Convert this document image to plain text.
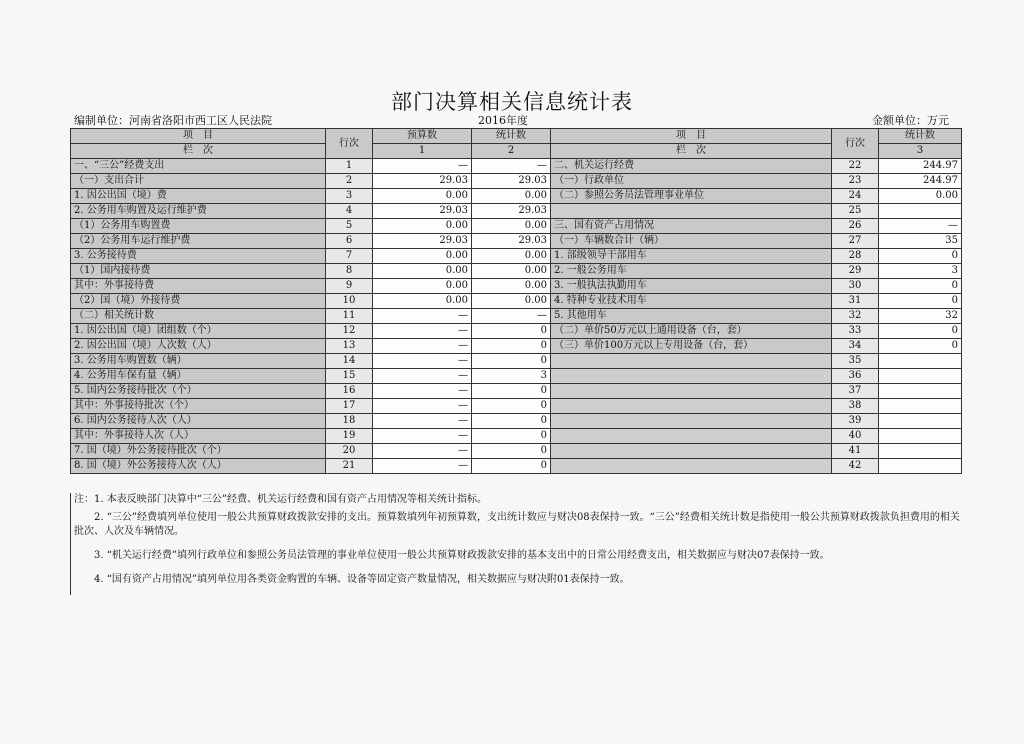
部门决算相关信息统计表
编制单位：河南省洛阳市西工区人民法院	2016年度	金额单位：万元
项　目	行次	预算数	统计数	项　目	行次	统计数
栏　次		1	2	栏　次		3
一、“三公”经费支出	1	—	—	二、机关运行经费	22	244.97
（一）支出合计	2	29.03	29.03	（一）行政单位	23	244.97
1. 因公出国（境）费	3	0.00	0.00	（二）参照公务员法管理事业单位	24	0.00
2. 公务用车购置及运行维护费	4	29.03	29.03		25	
（1）公务用车购置费	5	0.00	0.00	三、国有资产占用情况	26	—
（2）公务用车运行维护费	6	29.03	29.03	（一）车辆数合计（辆）	27	35
3. 公务接待费	7	0.00	0.00	1. 部级领导干部用车	28	0
（1）国内接待费	8	0.00	0.00	2. 一般公务用车	29	3
其中：外事接待费	9	0.00	0.00	3. 一般执法执勤用车	30	0
（2）国（境）外接待费	10	0.00	0.00	4. 特种专业技术用车	31	0
（二）相关统计数	11	—	—	5. 其他用车	32	32
1. 因公出国（境）团组数（个）	12	—	0	（二）单价50万元以上通用设备（台，套）	33	0
2. 因公出国（境）人次数（人）	13	—	0	（三）单价100万元以上专用设备（台，套）	34	0
3. 公务用车购置数（辆）	14	—	0		35	
4. 公务用车保有量（辆）	15	—	3		36	
5. 国内公务接待批次（个）	16	—	0		37	
其中：外事接待批次（个）	17	—	0		38	
6. 国内公务接待人次（人）	18	—	0		39	
其中：外事接待人次（人）	19	—	0		40	
7. 国（境）外公务接待批次（个）	20	—	0		41	
8. 国（境）外公务接待人次（人）	21	—	0		42	

注：1. 本表反映部门决算中“三公”经费、机关运行经费和国有资产占用情况等相关统计指标。

2. “三公”经费填列单位使用一般公共预算财政拨款安排的支出。预算数填列年初预算数，支出统计数应与财决08表保持一致。“三公”经费相关统计数是指使用一般公共预算财政拨款负担费用的相关批次、人次及车辆情况。

3. “机关运行经费”填列行政单位和参照公务员法管理的事业单位使用一般公共预算财政拨款安排的基本支出中的日常公用经费支出，相关数据应与财决07表保持一致。

4. “国有资产占用情况”填列单位用各类资金购置的车辆、设备等固定资产数量情况，相关数据应与财决附01表保持一致。
